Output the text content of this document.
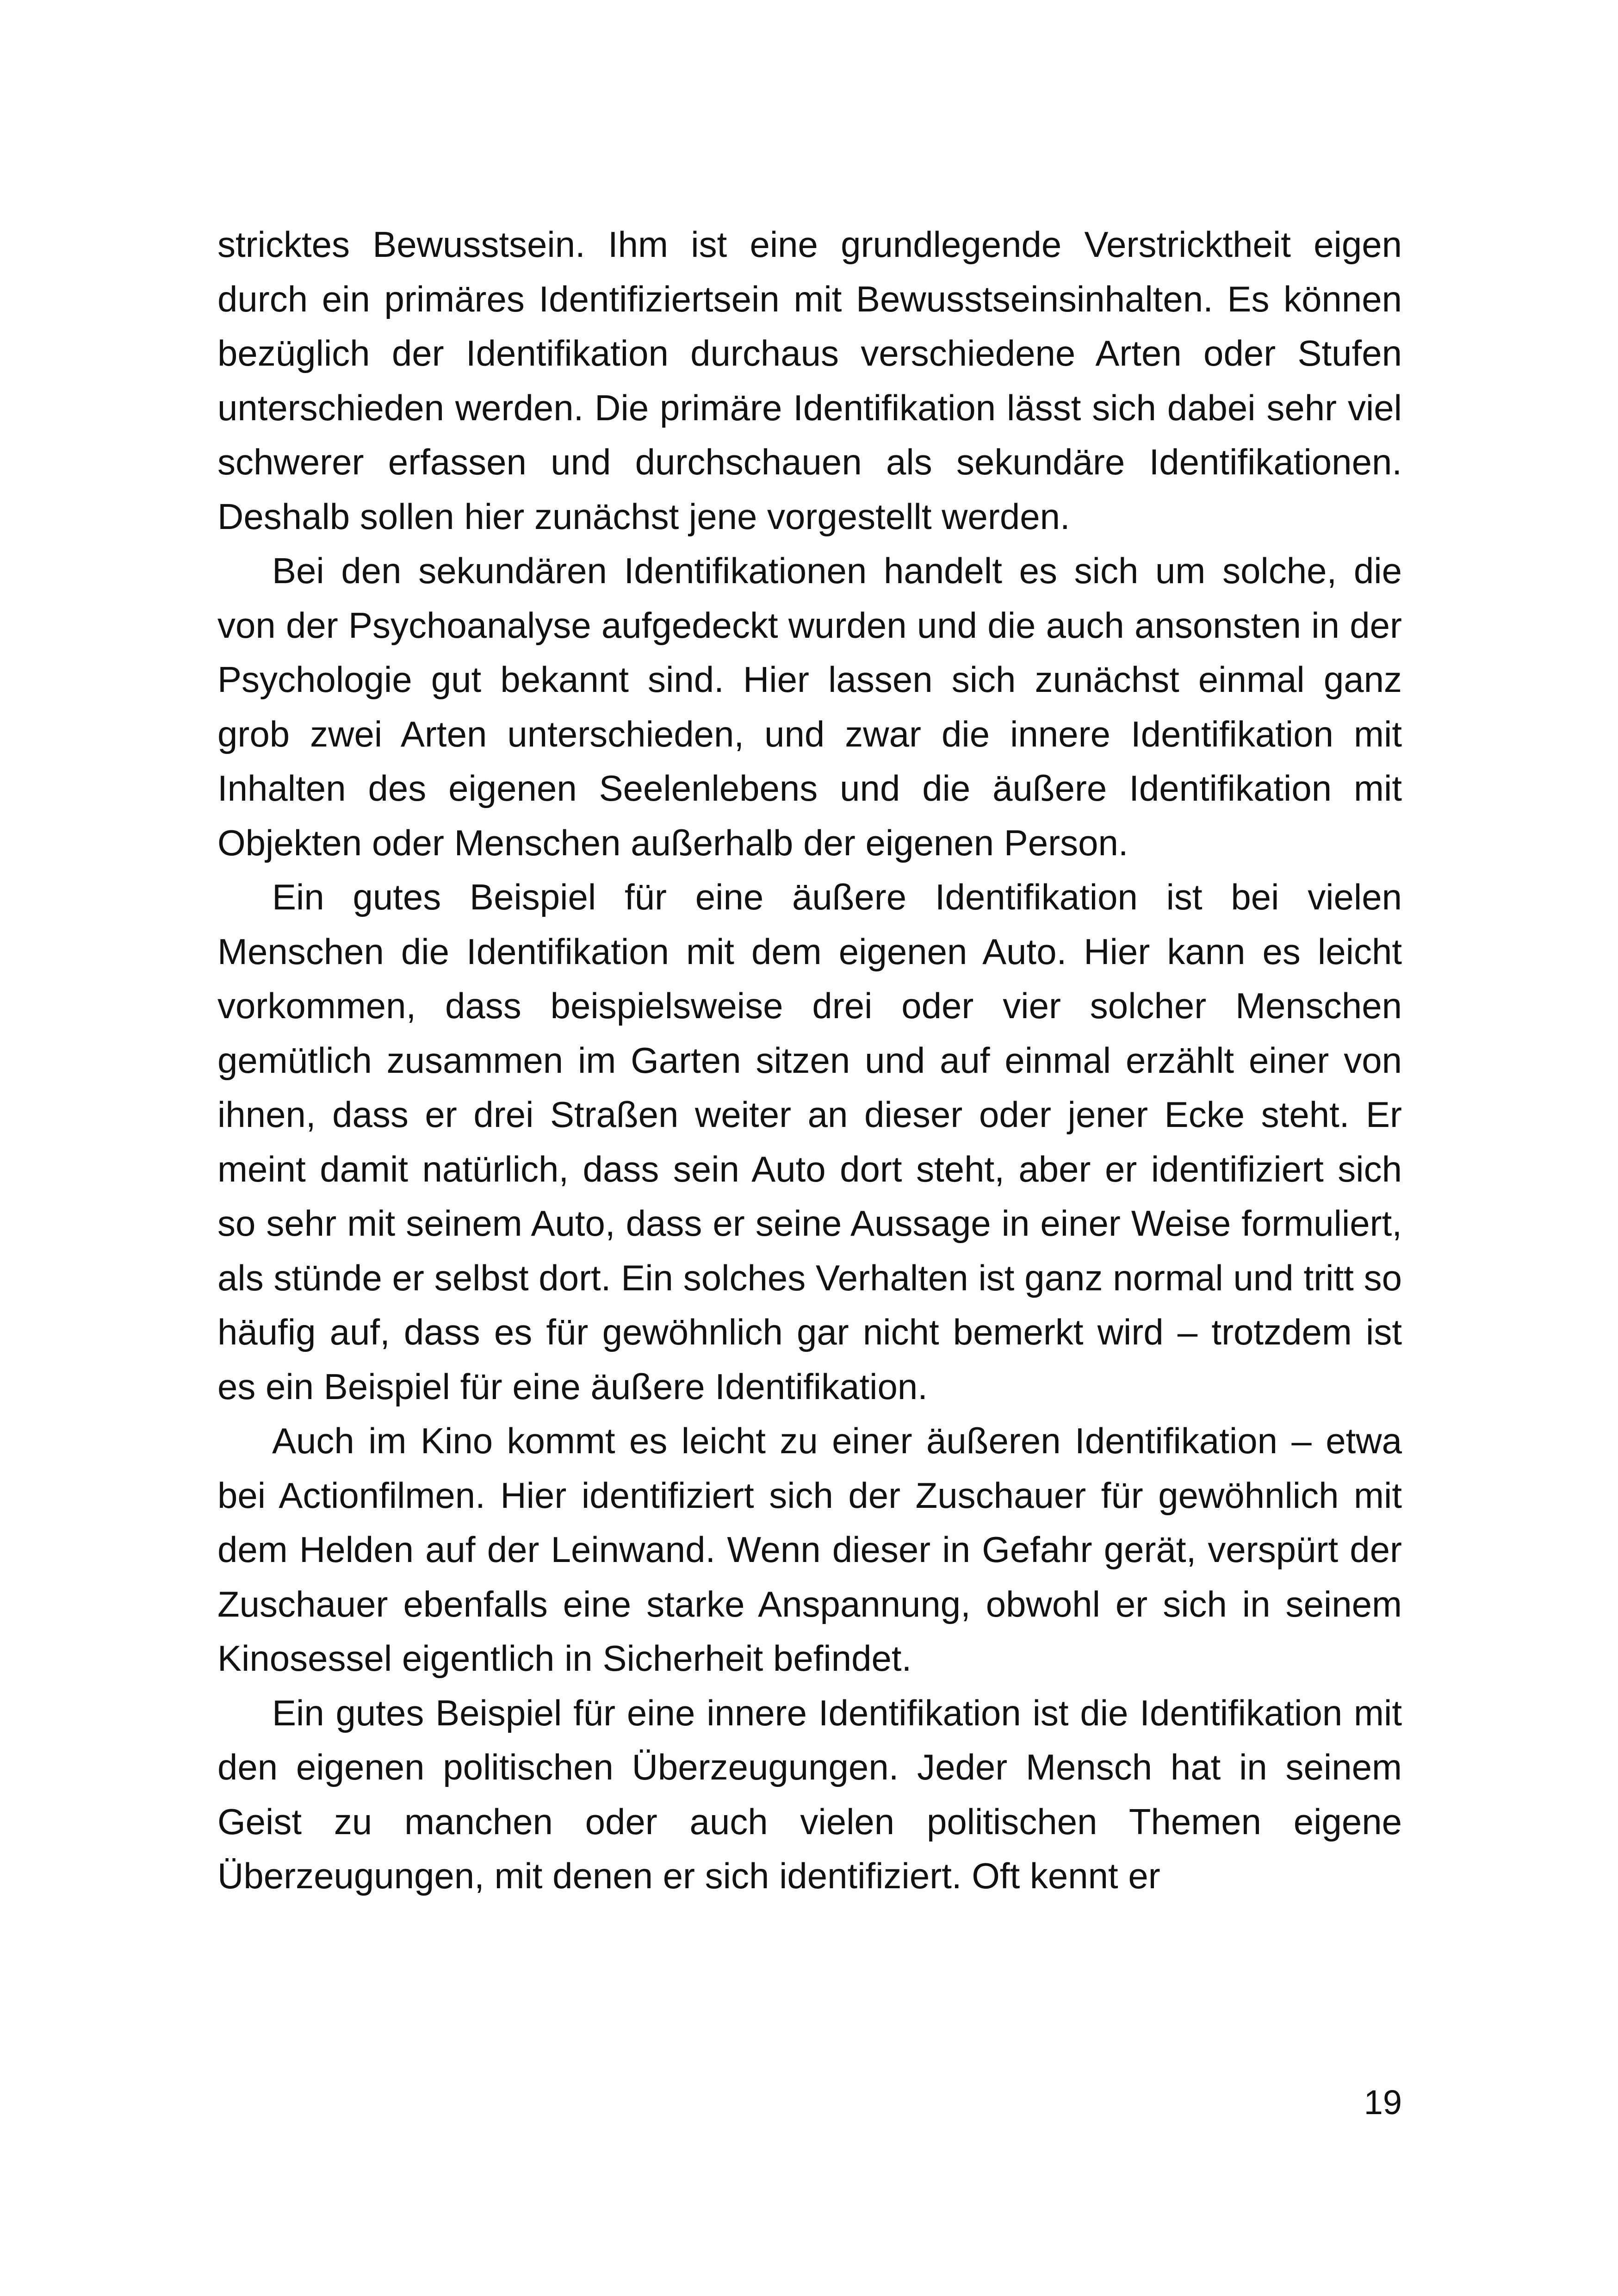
stricktes Bewusstsein. Ihm ist eine grundlegende Verstricktheit eigen durch ein primäres Identifiziertsein mit Bewusstseinsinhalten. Es können bezüglich der Identifikation durchaus verschiedene Arten oder Stufen unterschieden werden. Die primäre Identifikation lässt sich dabei sehr viel schwerer erfassen und durchschauen als sekundäre Identifikationen. Deshalb sollen hier zunächst jene vorgestellt werden.

Bei den sekundären Identifikationen handelt es sich um solche, die von der Psychoanalyse aufgedeckt wurden und die auch ansonsten in der Psychologie gut bekannt sind. Hier lassen sich zunächst einmal ganz grob zwei Arten unterschieden, und zwar die innere Identifikation mit Inhalten des eigenen Seelenlebens und die äußere Identifikation mit Objekten oder Menschen außerhalb der eigenen Person.

Ein gutes Beispiel für eine äußere Identifikation ist bei vielen Menschen die Identifikation mit dem eigenen Auto. Hier kann es leicht vorkommen, dass beispielsweise drei oder vier solcher Menschen gemütlich zusammen im Garten sitzen und auf einmal erzählt einer von ihnen, dass er drei Straßen weiter an dieser oder jener Ecke steht. Er meint damit natürlich, dass sein Auto dort steht, aber er identifiziert sich so sehr mit seinem Auto, dass er seine Aussage in einer Weise formuliert, als stünde er selbst dort. Ein solches Verhalten ist ganz normal und tritt so häufig auf, dass es für gewöhnlich gar nicht bemerkt wird – trotzdem ist es ein Beispiel für eine äußere Identifikation.

Auch im Kino kommt es leicht zu einer äußeren Identifikation – etwa bei Actionfilmen. Hier identifiziert sich der Zuschauer für gewöhnlich mit dem Helden auf der Leinwand. Wenn dieser in Gefahr gerät, verspürt der Zuschauer ebenfalls eine starke Anspannung, obwohl er sich in seinem Kinosessel eigentlich in Sicherheit befindet.

Ein gutes Beispiel für eine innere Identifikation ist die Identifikation mit den eigenen politischen Überzeugungen. Jeder Mensch hat in seinem Geist zu manchen oder auch vielen politischen Themen eigene Überzeugungen, mit denen er sich identifiziert. Oft kennt er

19
